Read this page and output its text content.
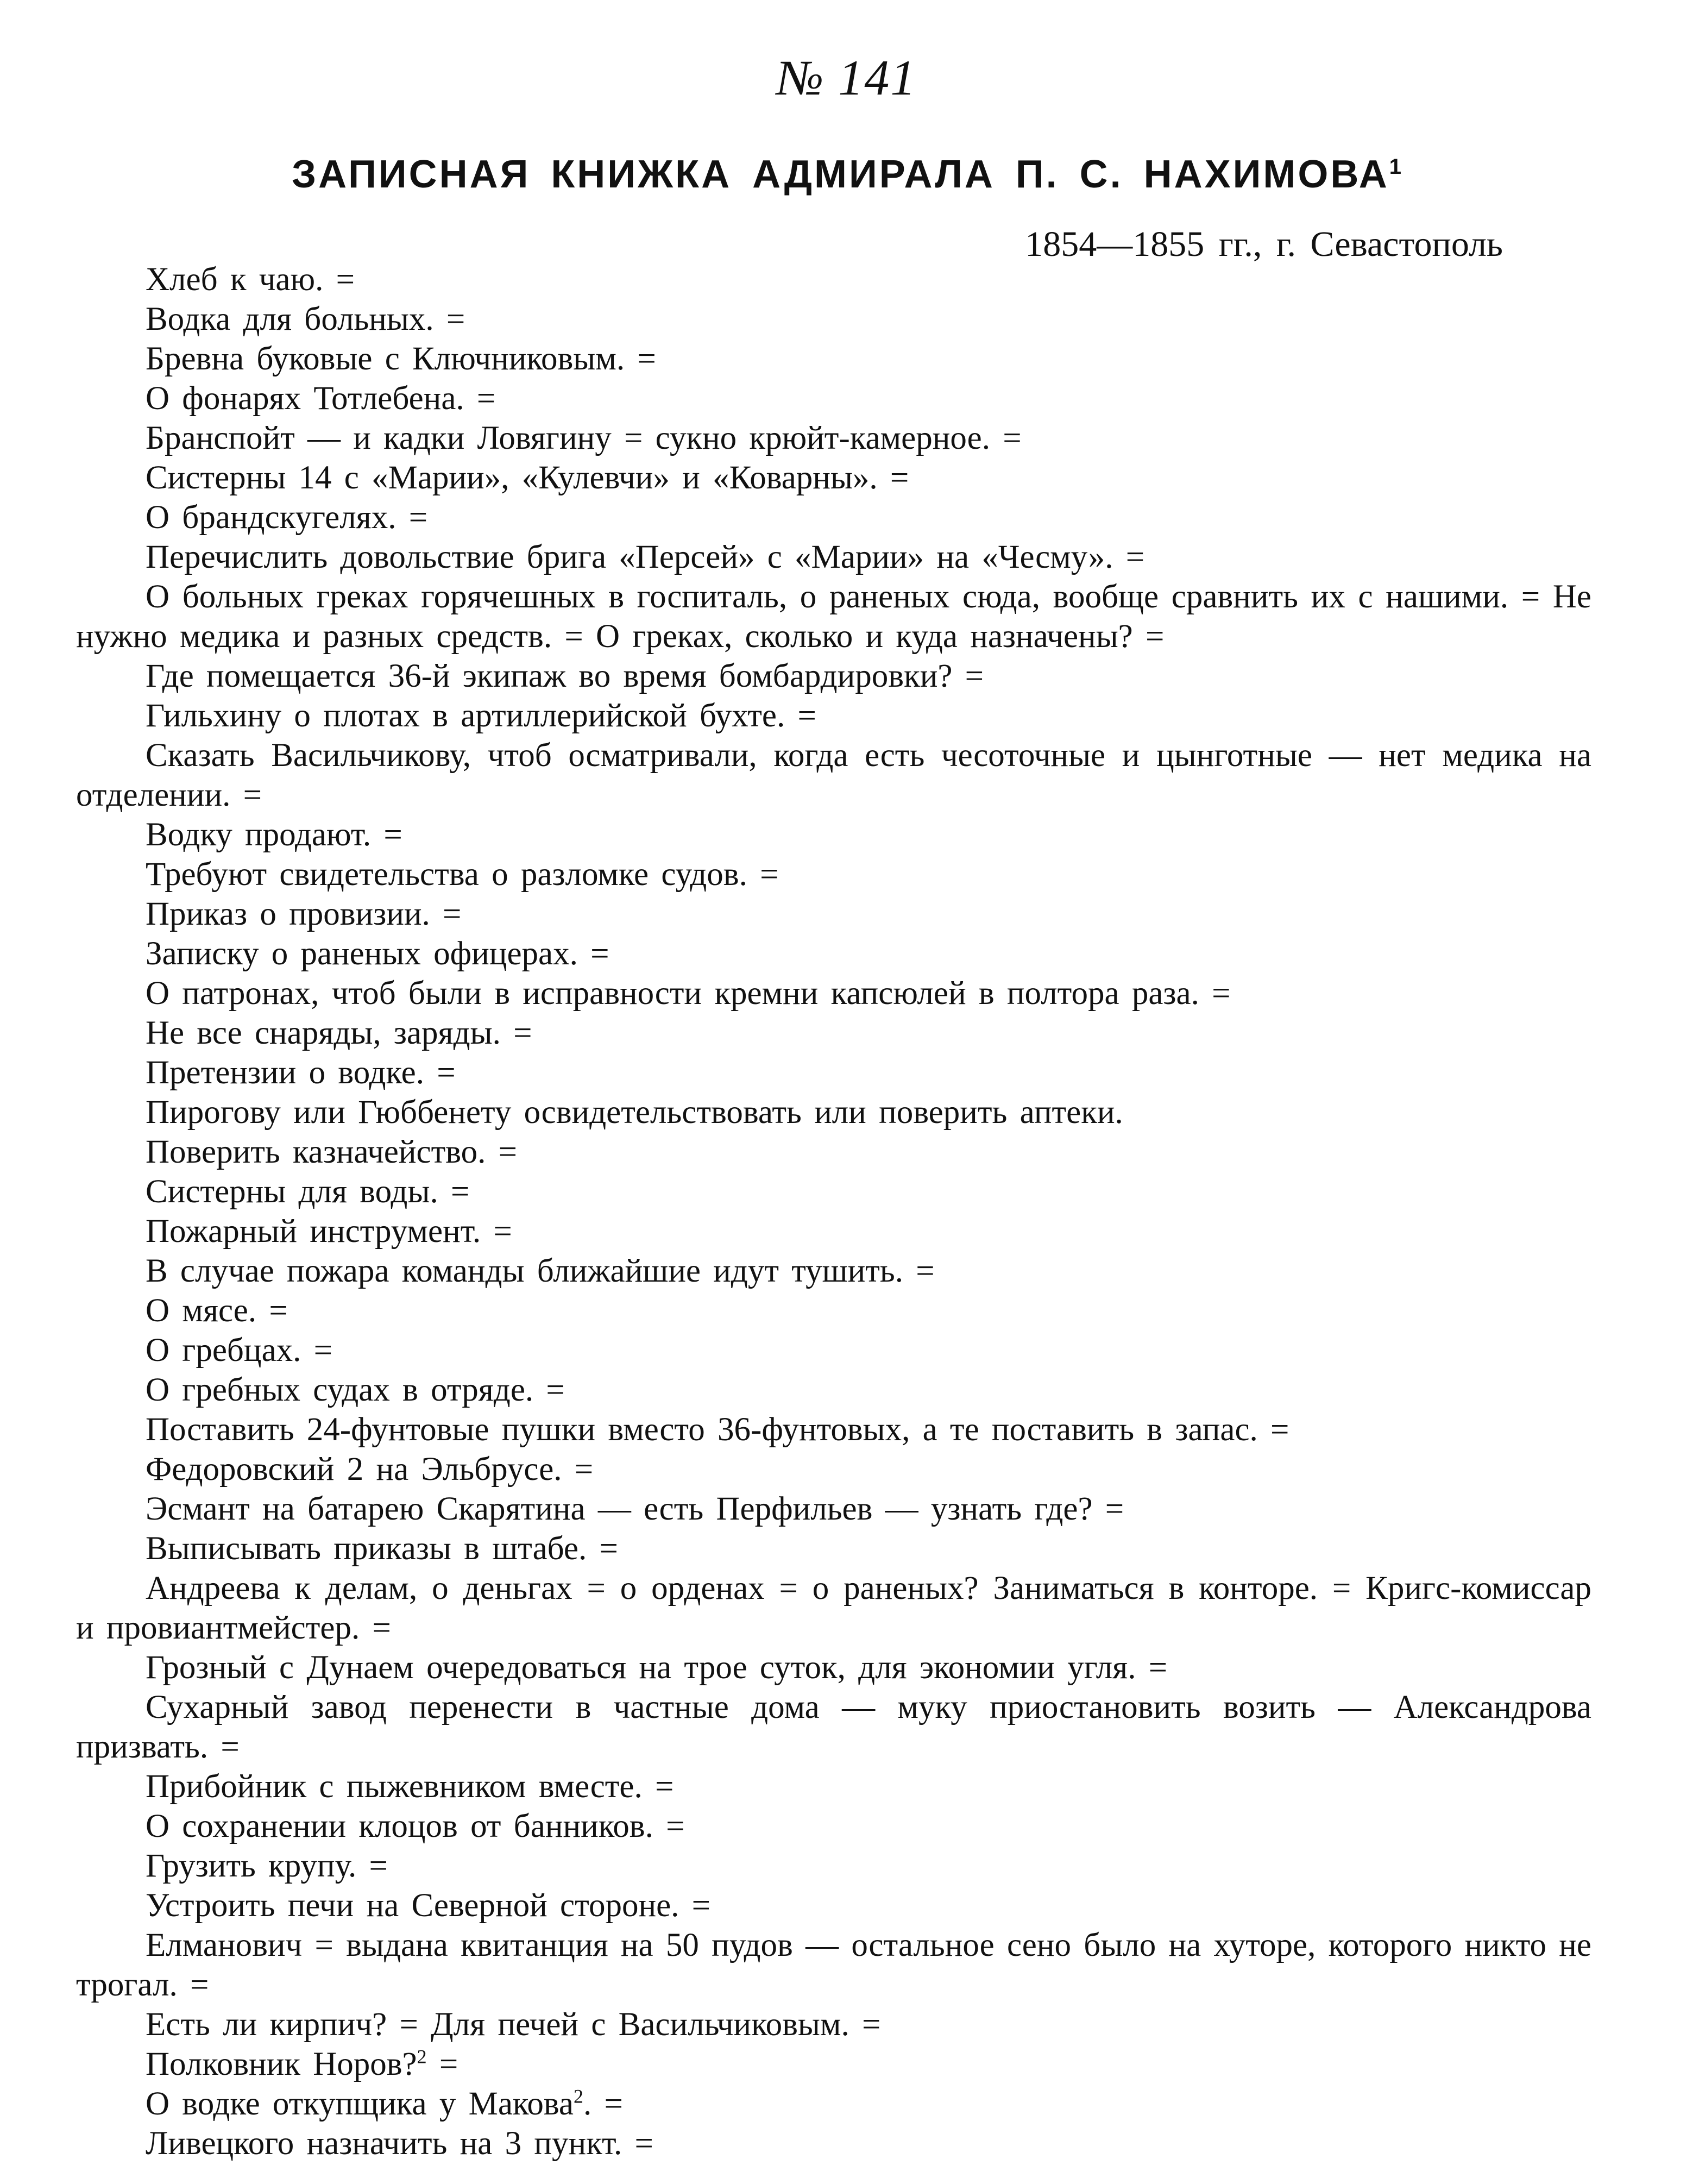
№ 141
ЗАПИСНАЯ КНИЖКА АДМИРАЛА П. С. НАХИМОВА$^1$
1854—1855 гг., г. Севастополь

Хлеб к чаю. =

Водка для больных. =

Бревна буковые с Ключниковым. =

О фонарях Тотлебена. =

Бранспойт — и кадки Ловягину = сукно крюйт-камерное. =

Систерны 14 с «Марии», «Кулевчи» и «Коварны». =

О брандскугелях. =

Перечислить довольствие брига «Персей» с «Марии» на «Чесму». =

О больных греках горячешных в госпиталь, о раненых сюда, вообще сравнить их с нашими. = Не нужно медика и разных средств. = О греках, сколько и куда назначены? =

Где помещается 36-й экипаж во время бомбардировки? =

Гильхину о плотах в артиллерийской бухте. =

Сказать Васильчикову, чтоб осматривали, когда есть чесоточные и цынготные — нет медика на отделении. =

Водку продают. =

Требуют свидетельства о разломке судов. =

Приказ о провизии. =

Записку о раненых офицерах. =

О патронах, чтоб были в исправности кремни капсюлей в полтора раза. =

Не все снаряды, заряды. =

Претензии о водке. =

Пирогову или Гюббенету освидетельствовать или поверить аптеки.

Поверить казначейство. =

Систерны для воды. =

Пожарный инструмент. =

В случае пожара команды ближайшие идут тушить. =

О мясе. =

О гребцах. =

О гребных судах в отряде. =

Поставить 24-фунтовые пушки вместо 36-фунтовых, а те поставить в запас. =

Федоровский 2 на Эльбрусе. =

Эсмант на батарею Скарятина — есть Перфильев — узнать где? =

Выписывать приказы в штабе. =

Андреева к делам, о деньгах = о орденах = о раненых? Заниматься в конторе. = Кригс-комиссар и провиантмейстер. =

Грозный с Дунаем очередоваться на трое суток, для экономии угля. =

Сухарный завод перенести в частные дома — муку приостановить возить — Александрова призвать. =

Прибойник с пыжевником вместе. =

О сохранении клоцов от банников. =

Грузить крупу. =

Устроить печи на Северной стороне. =

Елманович = выдана квитанция на 50 пудов — остальное сено было на хуторе, которого никто не трогал. =

Есть ли кирпич? = Для печей с Васильчиковым. =

Полковник Норов?$^2$ =

О водке откупщика у Макова$^2$. =

Ливецкого назначить на 3 пункт. =
